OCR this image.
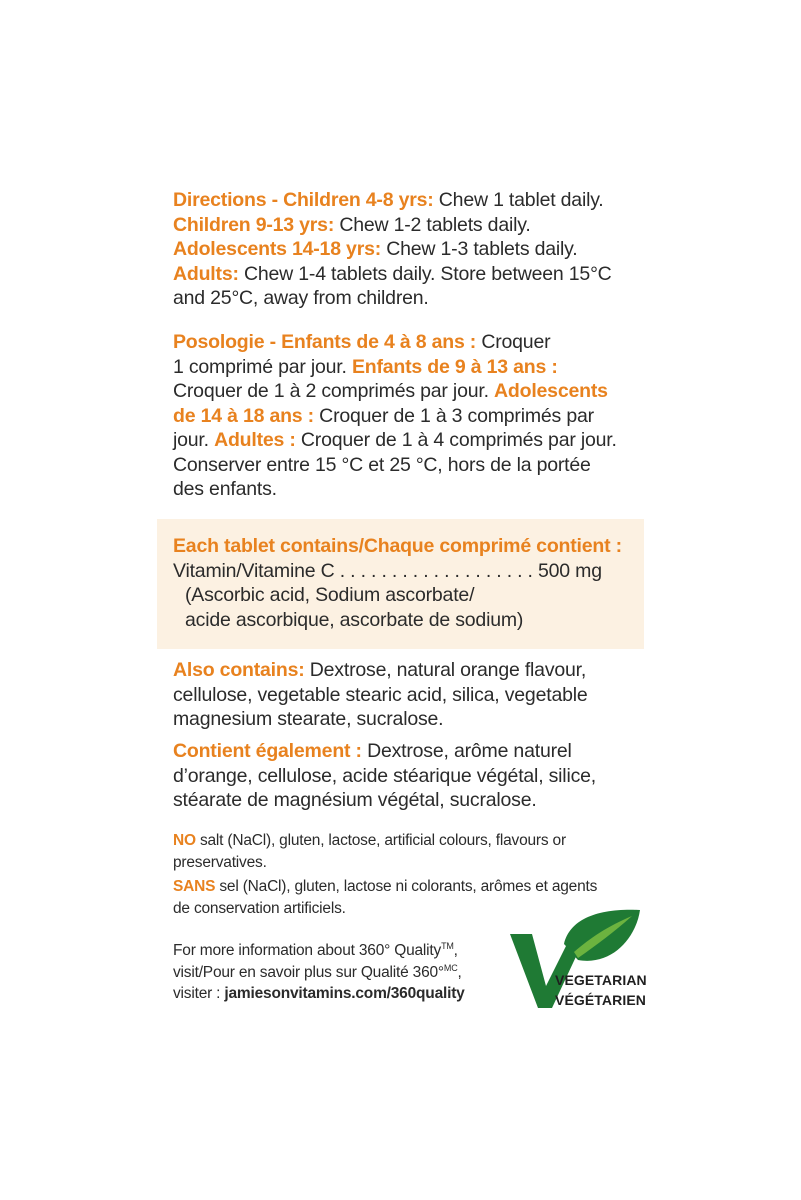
Directions - Children 4-8 yrs: Chew 1 tablet daily.
Children 9-13 yrs: Chew 1-2 tablets daily.
Adolescents 14-18 yrs: Chew 1-3 tablets daily.
Adults: Chew 1-4 tablets daily. Store between 15°C
and 25°C, away from children.
Posologie - Enfants de 4 à 8 ans : Croquer
1 comprimé par jour. Enfants de 9 à 13 ans :
Croquer de 1 à 2 comprimés par jour. Adolescents
de 14 à 18 ans : Croquer de 1 à 3 comprimés par
jour. Adultes : Croquer de 1 à 4 comprimés par jour.
Conserver entre 15 °C et 25 °C, hors de la portée
des enfants.
Each tablet contains/Chaque comprimé contient :
Vitamin/Vitamine C . . . . . . . . . . . . . . . . . . . 500 mg
(Ascorbic acid, Sodium ascorbate/
acide ascorbique, ascorbate de sodium)
Also contains: Dextrose, natural orange flavour,
cellulose, vegetable stearic acid, silica, vegetable
magnesium stearate, sucralose.
Contient également : Dextrose, arôme naturel
d’orange, cellulose, acide stéarique végétal, silice,
stéarate de magnésium végétal, sucralose.
NO salt (NaCl), gluten, lactose, artificial colours, flavours or
preservatives.
SANS sel (NaCl), gluten, lactose ni colorants, arômes et agents
de conservation artificiels.
For more information about 360° Quality™,
visit/Pour en savoir plus sur Qualité 360°$^{MC}$,
visiter : jamiesonvitamins.com/360quality
VEGETARIAN
VÉGÉTARIEN
